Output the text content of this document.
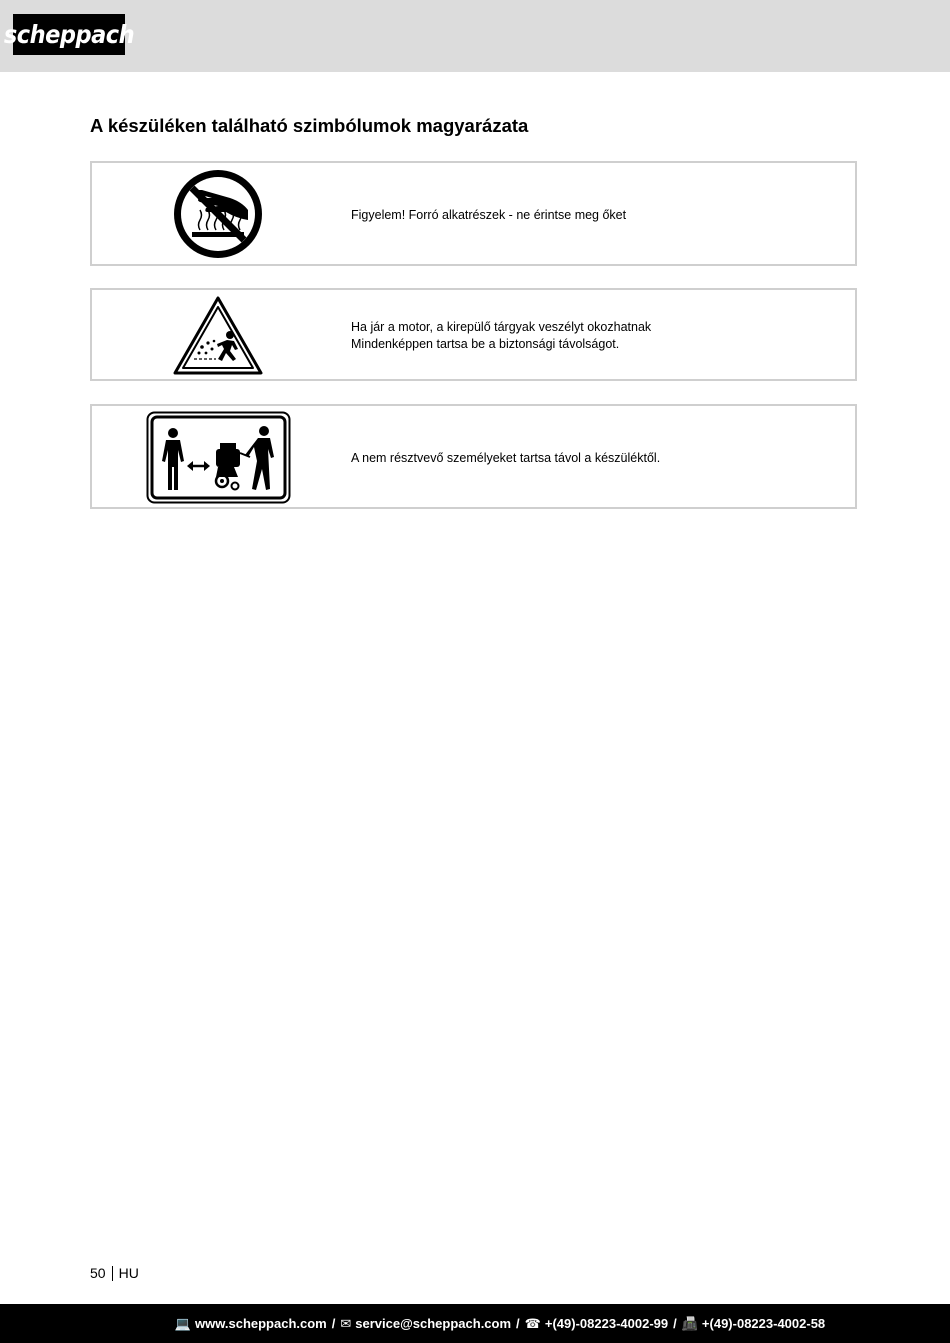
scheppach
A készüléken található szimbólumok magyarázata
Figyelem! Forró alkatrészek - ne érintse meg őket
Ha jár a motor, a kirepülő tárgyak veszélyt okozhatnak
Mindenképpen tartsa be a biztonsági távolságot.
A nem résztvevő személyeket tartsa távol a készüléktől.
50 HU
💻 www.scheppach.com / ✉ service@scheppach.com / ☎ +(49)-08223-4002-99 / 📠 +(49)-08223-4002-58
